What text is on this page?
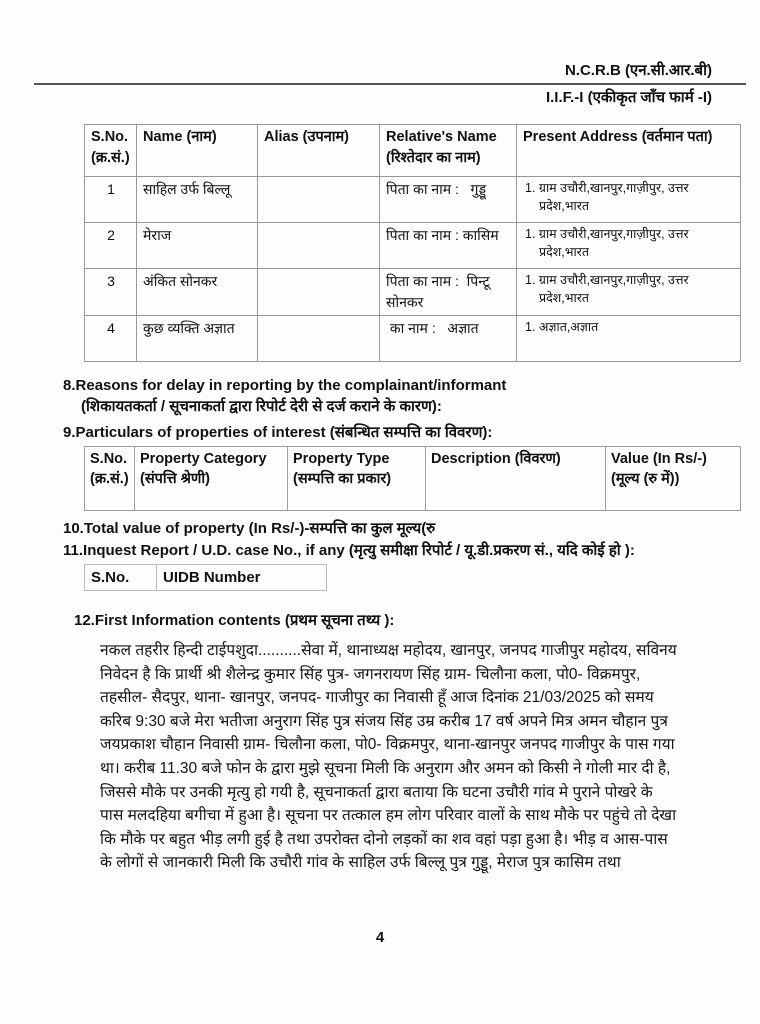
N.C.R.B (एन.सी.आर.बी)
I.I.F.-I (एकीकृत जाँच फार्म -I)
S.No. (क्र.सं.)	Name (नाम)	Alias (उपनाम)	Relative's Name (रिश्तेदार का नाम)	Present Address (वर्तमान पता)
1	साहिल उर्फ बिल्लू		पिता का नाम :   गुड्डू	1. ग्राम उचौरी,खानपुर,गाज़ीपुर, उत्तर प्रदेश,भारत
2	मेराज		पिता का नाम : कासिम	1. ग्राम उचौरी,खानपुर,गाज़ीपुर, उत्तर प्रदेश,भारत
3	अंकित सोनकर		पिता का नाम :  पिन्टू सोनकर	1. ग्राम उचौरी,खानपुर,गाज़ीपुर, उत्तर प्रदेश,भारत
4	कुछ व्यक्ति अज्ञात		का नाम :   अज्ञात	1. अज्ञात,अज्ञात
8.Reasons for delay in reporting by the complainant/informant
(शिकायतकर्ता / सूचनाकर्ता द्वारा रिपोर्ट देरी से दर्ज कराने के कारण):
9.Particulars of properties of interest (संबन्धित सम्पत्ति का विवरण):
S.No. (क्र.सं.)	Property Category (संपत्ति श्रेणी)	Property Type (सम्पत्ति का प्रकार)	Description (विवरण)	Value (In Rs/-) (मूल्य (रु में))
10.Total value of property (In Rs/-)-सम्पत्ति का कुल मूल्य(रु
11.Inquest Report / U.D. case No., if any (मृत्यु समीक्षा रिपोर्ट / यू.डी.प्रकरण सं., यदि कोई हो ):
S.No.	UIDB Number
12.First Information contents (प्रथम सूचना तथ्य ):
नकल तहरीर हिन्दी टाईपशुदा..........सेवा में, थानाध्यक्ष महोदय, खानपुर, जनपद गाजीपुर महोदय, सविनय निवेदन है कि प्रार्थी श्री शैलेन्द्र कुमार सिंह पुत्र- जगनरायण सिंह ग्राम- चिलौना कला, पो0- विक्रमपुर, तहसील- सैदपुर, थाना- खानपुर, जनपद- गाजीपुर का निवासी हूँ आज दिनांक 21/03/2025 को समय करिब 9:30 बजे मेरा भतीजा अनुराग सिंह पुत्र संजय सिंह उम्र करीब 17 वर्ष अपने मित्र अमन चौहान पुत्र जयप्रकाश चौहान निवासी ग्राम- चिलौना कला, पो0- विक्रमपुर, थाना-खानपुर जनपद गाजीपुर के पास गया था। करीब 11.30 बजे फोन के द्वारा मुझे सूचना मिली कि अनुराग और अमन को किसी ने गोली मार दी है, जिससे मौके पर उनकी मृत्यु हो गयी है, सूचनाकर्ता द्वारा बताया कि घटना उचौरी गांव मे पुराने पोखरे के पास मलदहिया बगीचा में हुआ है। सूचना पर तत्काल हम लोग परिवार वालों के साथ मौके पर पहुंचे तो देखा कि मौके पर बहुत भीड़ लगी हुई है तथा उपरोक्त दोनो लड़कों का शव वहां पड़ा हुआ है। भीड़ व आस-पास के लोगों से जानकारी मिली कि उचौरी गांव के साहिल उर्फ बिल्लू पुत्र गुड्डू, मेराज पुत्र कासिम तथा
4
